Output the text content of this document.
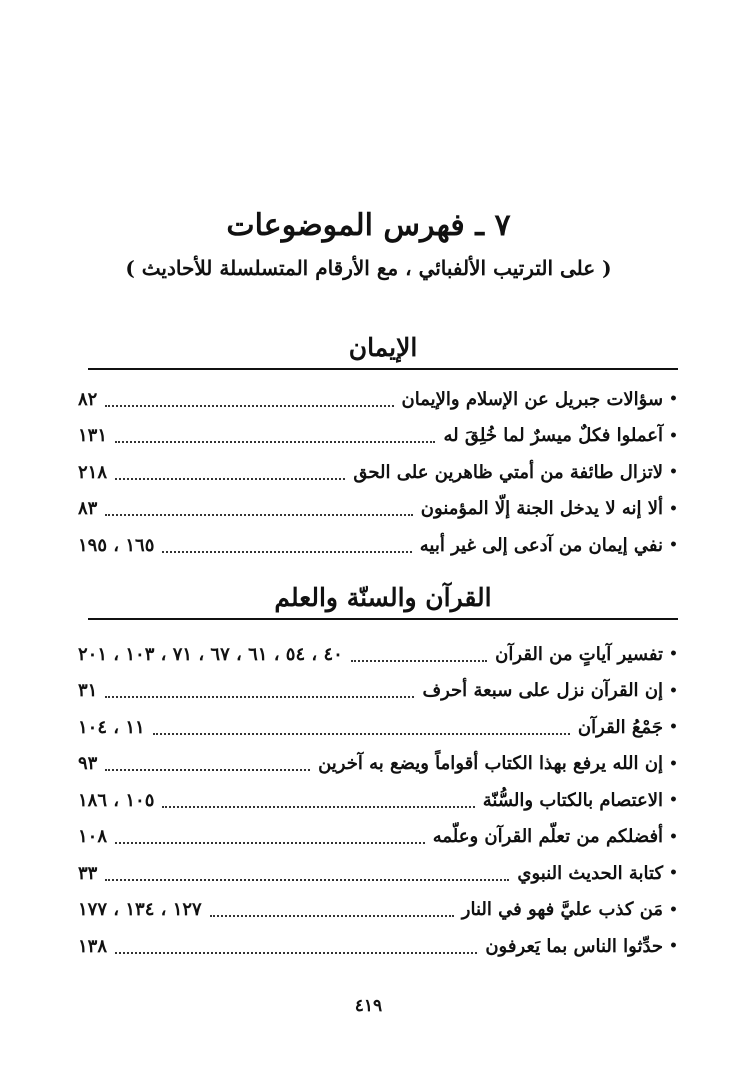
٧ ـ فهرس الموضوعات

( على الترتيب الألفبائي ، مع الأرقام المتسلسلة للأحاديث )

الإيمان
•
سؤالات جبريل عن الإسلام والإيمان
٨٢
•
آعملوا فكلٌ ميسرٌ لما خُلِقَ له
١٣١
•
لاتزال طائفة من أمتي ظاهرين على الحق
٢١٨
•
ألا إنه لا يدخل الجنة إلّا المؤمنون
٨٣
•
نفي إيمان من آدعى إلى غير أبيه
١٦٥ ، ١٩٥
القرآن والسنّة والعلم
•
تفسير آياتٍ من القرآن
٤٠ ، ٥٤ ، ٦١ ، ٦٧ ، ٧١ ، ١٠٣ ، ٢٠١
•
إن القرآن نزل على سبعة أحرف
٣١
•
جَمْعُ القرآن
١١ ، ١٠٤
•
إن الله يرفع بهذا الكتاب أقواماً ويضع به آخرين
٩٣
•
الاعتصام بالكتاب والسُّنّة
١٠٥ ، ١٨٦
•
أفضلكم من تعلّم القرآن وعلّمه
١٠٨
•
كتابة الحديث النبوي
٣٣
•
مَن كذب عليَّ فهو في النار
١٢٧ ، ١٣٤ ، ١٧٧
•
حدِّثوا الناس بما يَعرفون
١٣٨
٤١٩
